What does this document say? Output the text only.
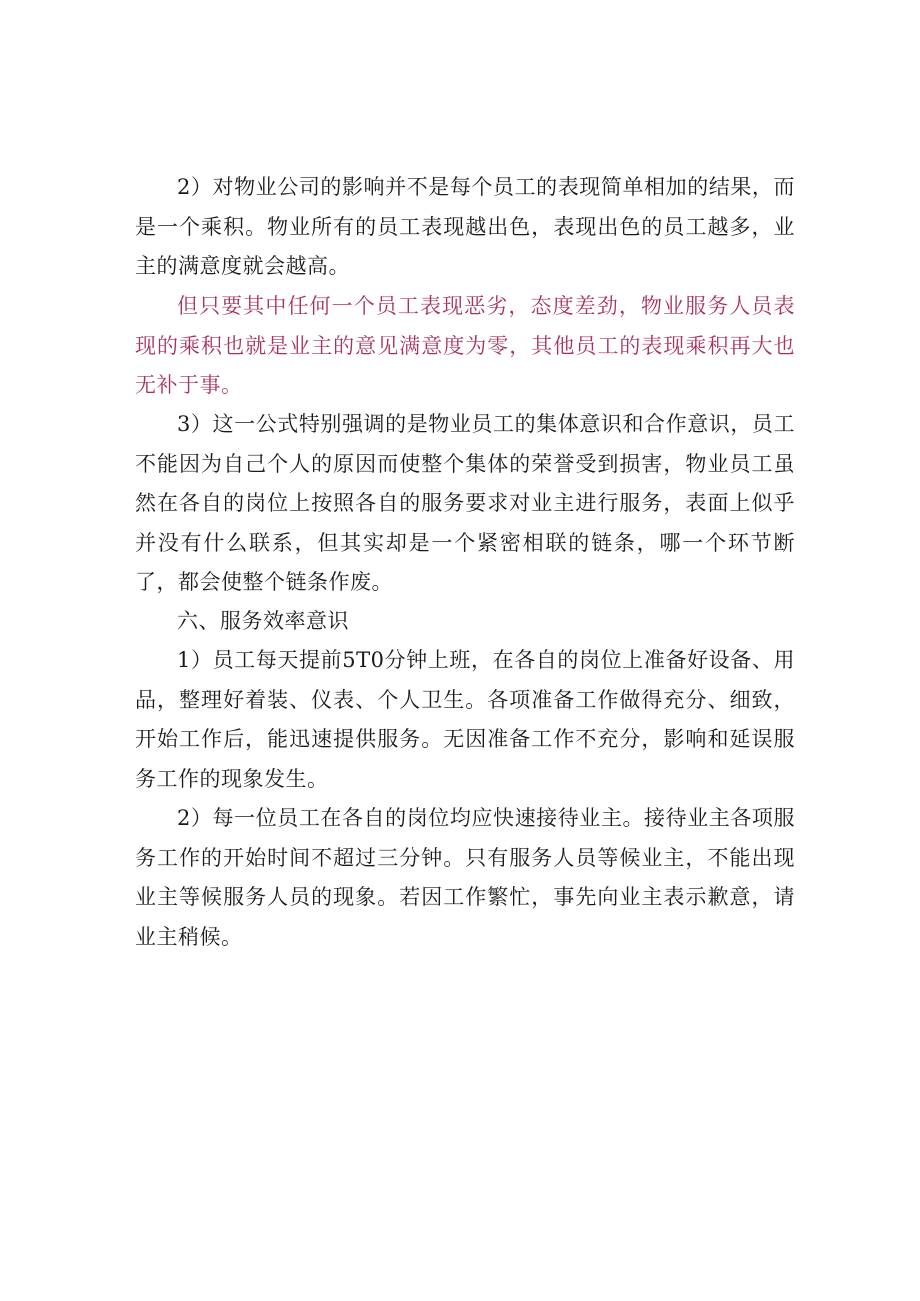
2）对物业公司的影响并不是每个员工的表现简单相加的结果，而是一个乘积。物业所有的员工表现越出色，表现出色的员工越多，业主的满意度就会越高。

但只要其中任何一个员工表现恶劣，态度差劲，物业服务人员表现的乘积也就是业主的意见满意度为零，其他员工的表现乘积再大也无补于事。

3）这一公式特别强调的是物业员工的集体意识和合作意识，员工不能因为自己个人的原因而使整个集体的荣誉受到损害，物业员工虽然在各自的岗位上按照各自的服务要求对业主进行服务，表面上似乎并没有什么联系，但其实却是一个紧密相联的链条，哪一个环节断了，都会使整个链条作废。

六、服务效率意识

1）员工每天提前5T0分钟上班，在各自的岗位上准备好设备、用品，整理好着装、仪表、个人卫生。各项准备工作做得充分、细致，开始工作后，能迅速提供服务。无因准备工作不充分，影响和延误服务工作的现象发生。

2）每一位员工在各自的岗位均应快速接待业主。接待业主各项服务工作的开始时间不超过三分钟。只有服务人员等候业主，不能出现业主等候服务人员的现象。若因工作繁忙，事先向业主表示歉意，请业主稍候。
